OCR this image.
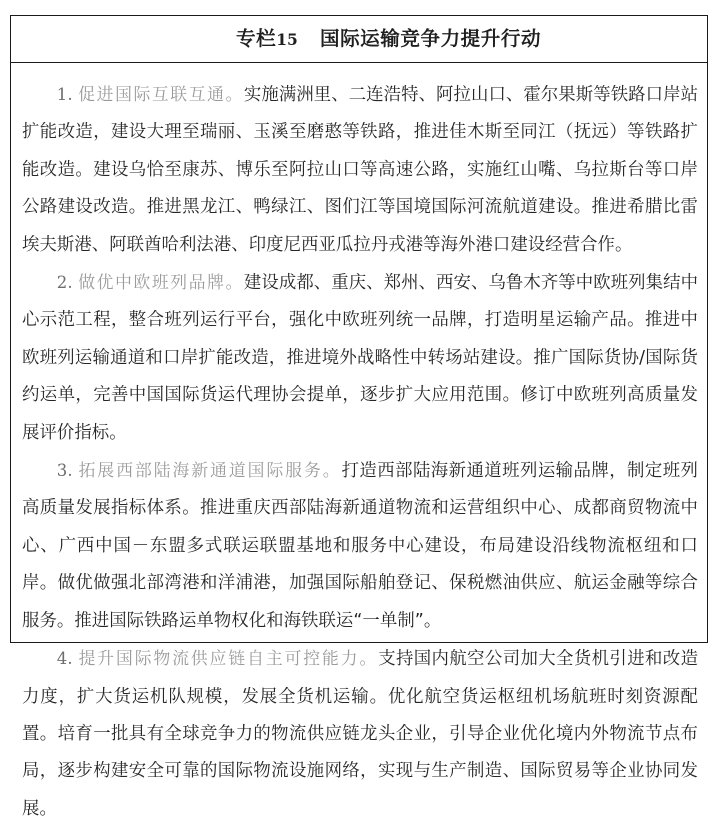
专栏15 国际运输竞争力提升行动

1. 促进国际互联互通。实施满洲里、二连浩特、阿拉山口、霍尔果斯等铁路口岸站扩能改造，建设大理至瑞丽、玉溪至磨憨等铁路，推进佳木斯至同江（抚远）等铁路扩能改造。建设乌恰至康苏、博乐至阿拉山口等高速公路，实施红山嘴、乌拉斯台等口岸公路建设改造。推进黑龙江、鸭绿江、图们江等国境国际河流航道建设。推进希腊比雷埃夫斯港、阿联酋哈利法港、印度尼西亚瓜拉丹戎港等海外港口建设经营合作。

2. 做优中欧班列品牌。建设成都、重庆、郑州、西安、乌鲁木齐等中欧班列集结中心示范工程，整合班列运行平台，强化中欧班列统一品牌，打造明星运输产品。推进中欧班列运输通道和口岸扩能改造，推进境外战略性中转场站建设。推广国际货协/国际货约运单，完善中国国际货运代理协会提单，逐步扩大应用范围。修订中欧班列高质量发展评价指标。

3. 拓展西部陆海新通道国际服务。打造西部陆海新通道班列运输品牌，制定班列高质量发展指标体系。推进重庆西部陆海新通道物流和运营组织中心、成都商贸物流中心、广西中国－东盟多式联运联盟基地和服务中心建设，布局建设沿线物流枢纽和口岸。做优做强北部湾港和洋浦港，加强国际船舶登记、保税燃油供应、航运金融等综合服务。推进国际铁路运单物权化和海铁联运“一单制”。

4. 提升国际物流供应链自主可控能力。支持国内航空公司加大全货机引进和改造力度，扩大货运机队规模，发展全货机运输。优化航空货运枢纽机场航班时刻资源配置。培育一批具有全球竞争力的物流供应链龙头企业，引导企业优化境内外物流节点布局，逐步构建安全可靠的国际物流设施网络，实现与生产制造、国际贸易等企业协同发展。
